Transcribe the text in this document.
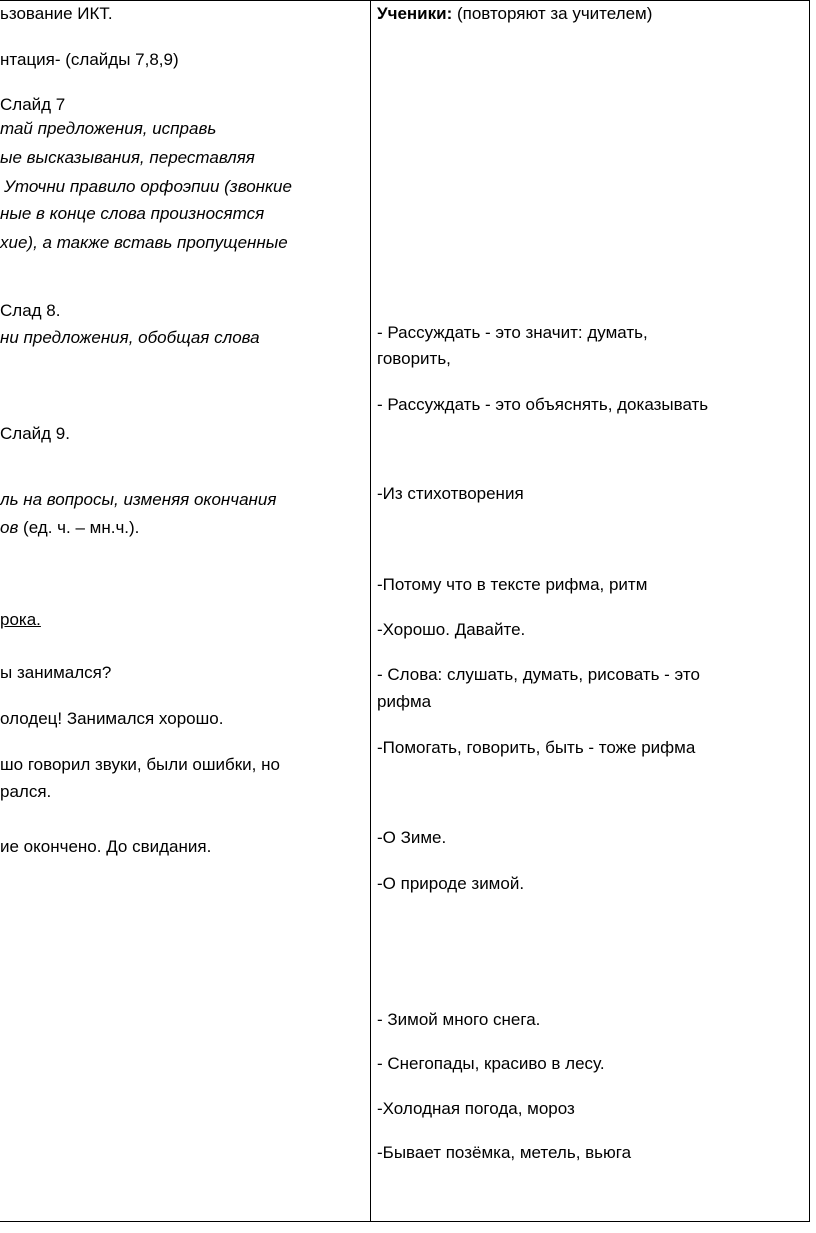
ьзование ИКТ.
нтация- (слайды 7,8,9)
Слайд 7
тай предложения, исправь
ые высказывания, переставляя
Уточни правило орфоэпии (звонкие
ные в конце слова произносятся
хие), а также вставь пропущенные
Слад 8.
ни предложения, обобщая слова
Слайд 9.
ль на вопросы, изменяя окончания
ов (ед. ч. – мн.ч.).
рока.
ы занимался?
олодец! Занимался хорошо.
шо говорил звуки, были ошибки, но
рался.
ие окончено. До свидания.
Ученики: (повторяют за учителем)
- Рассуждать - это значит: думать,
говорить,
- Рассуждать - это объяснять, доказывать
-Из стихотворения
-Потому что в тексте рифма, ритм
-Хорошо. Давайте.
- Слова: слушать, думать, рисовать - это
рифма
-Помогать, говорить, быть - тоже рифма
-О Зиме.
-О природе зимой.
- Зимой много снега.
- Снегопады, красиво в лесу.
-Холодная погода, мороз
-Бывает позёмка, метель, вьюга
